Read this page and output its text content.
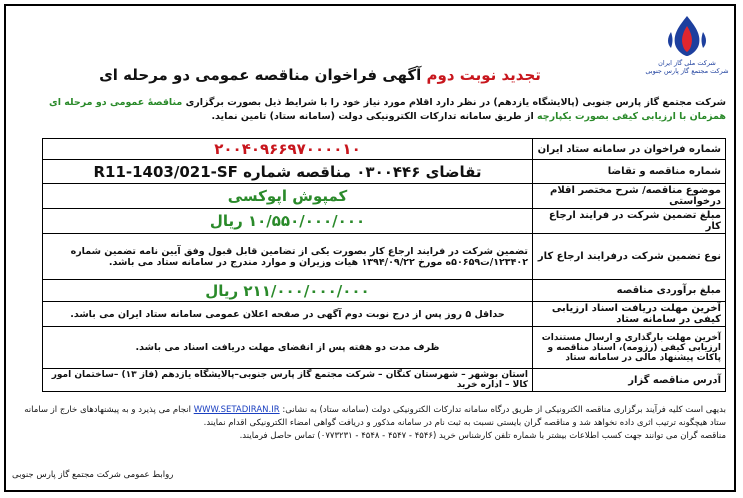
شرکت ملی گاز ایران
شرکت مجتمع گاز پارس جنوبی
تجدید نوبت دوم آگهی فراخوان مناقصه عمومی دو مرحله ای
شرکت مجتمع گاز پارس جنوبی (پالایشگاه یازدهم) در نظر دارد اقلام مورد نیاز خود را با شرایط ذیل بصورت برگزاری مناقصهٔ عمومی دو مرحله ای همزمان با ارزیابی کیفی بصورت یکپارچه از طریق سامانه تدارکات الکترونیکی دولت (سامانه ستاد) تامین نماید.
شماره فراخوان در سامانه ستاد ایران	۲۰۰۴۰۹۶۶۹۷۰۰۰۰۱۰
شماره مناقصه و تقاضا	تقاضای ۰۳۰۰۴۴۶ مناقصه شماره R11-1403/021-SF
موضوع مناقصه/ شرح مختصر اقلام درخواستی	کمپوش اپوکسی
مبلغ تضمین شرکت در فرایند ارجاع کار	۱۰/۵۵۰/۰۰۰/۰۰۰ ریال
نوع تضمین شرکت درفرایند ارجاع کار	تضمین شرکت در فرایند ارجاع کار بصورت یکی از تضامین قابل قبول وفق آیین نامه تضمین شماره ۱۲۳۴۰۲/ت۵۰۶۵۹ه مورخ ۱۳۹۴/۰۹/۲۲ هیات وزیران و موارد مندرج در سامانه ستاد می باشد.
مبلغ برآوردی مناقصه	۲۱۱/۰۰۰/۰۰۰/۰۰۰ ریال
آخرین مهلت دریافت اسناد ارزیابی کیفی در سامانه ستاد	حداقل ۵ روز پس از درج نوبت دوم آگهی در صفحه اعلان عمومی سامانه ستاد ایران می باشد.
آخرین مهلت بارگذاری و ارسال مستندات ارزیابی کیفی (رزومه)، اسناد مناقصه و پاکات پیشنهاد مالی در سامانه ستاد	ظرف مدت دو هفته پس از انقضای مهلت دریافت اسناد می باشد.
آدرس مناقصه گزار	استان بوشهر – شهرستان کنگان – شرکت مجتمع گاز پارس جنوبی–پالایشگاه یازدهم (فاز ۱۳) –ساختمان امور کالا – اداره خرید
بدیهی است کلیه فرآیند برگزاری مناقصه الکترونیکی از طریق درگاه سامانه تدارکات الکترونیکی دولت (سامانه ستاد) به نشانی: WWW.SETADIRAN.IR انجام می پذیرد و به پیشنهادهای خارج از سامانه ستاد هیچگونه ترتیب اثری داده نخواهد شد و مناقصه گران بایستی نسبت به ثبت نام در سامانه مذکور و دریافت گواهی امضاء الکترونیکی اقدام نمایند.
مناقصه گران می توانند جهت کسب اطلاعات بیشتر با شماره تلفن کارشناس خرید (۴۵۴۶ - ۴۵۴۷ - ۴۵۴۸ - ۰۷۷۳۲۳۱) تماس حاصل فرمایند.
روابط عمومی شرکت مجتمع گاز پارس جنوبی
